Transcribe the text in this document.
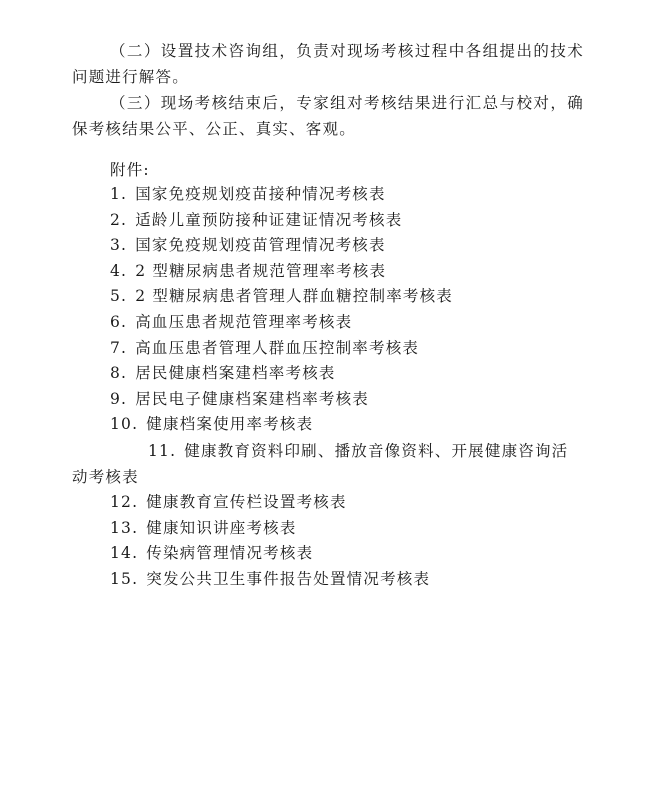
（二）设置技术咨询组，负责对现场考核过程中各组提出的技术问题进行解答。

（三）现场考核结束后，专家组对考核结果进行汇总与校对，确保考核结果公平、公正、真实、客观。

附件:

1. 国家免疫规划疫苗接种情况考核表
2. 适龄儿童预防接种证建证情况考核表
3. 国家免疫规划疫苗管理情况考核表
4. 2 型糖尿病患者规范管理率考核表
5. 2 型糖尿病患者管理人群血糖控制率考核表
6. 高血压患者规范管理率考核表
7. 高血压患者管理人群血压控制率考核表
8. 居民健康档案建档率考核表
9. 居民电子健康档案建档率考核表
10. 健康档案使用率考核表
11. 健康教育资料印刷、播放音像资料、开展健康咨询活动考核表
12. 健康教育宣传栏设置考核表
13. 健康知识讲座考核表
14. 传染病管理情况考核表
15. 突发公共卫生事件报告处置情况考核表
